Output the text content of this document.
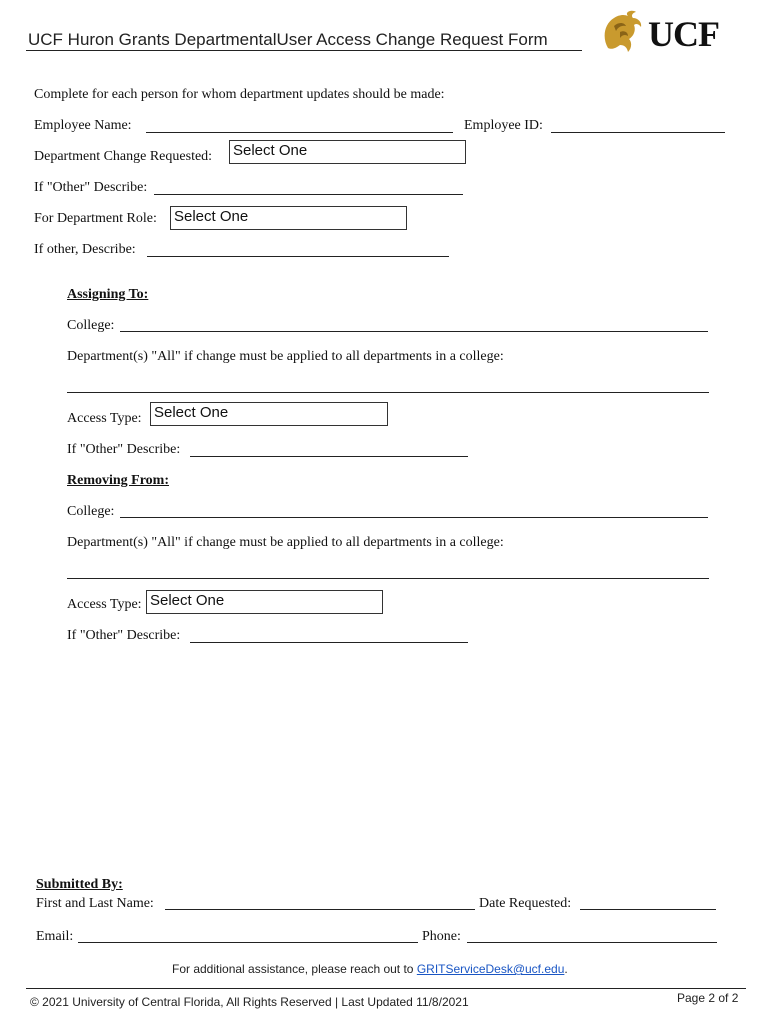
UCF Huron Grants DepartmentalUser Access Change Request Form	UCF
Complete for each person for whom department updates should be made:
Employee Name:	Employee ID:
Department Change Requested: Select One
If "Other" Describe:
For Department Role: Select One
If other, Describe:
Assigning To:
College:
Department(s) "All" if change must be applied to all departments in a college:
Access Type: Select One
If "Other" Describe:
Removing From:
College:
Department(s) "All" if change must be applied to all departments in a college:
Access Type: Select One
If "Other" Describe:
Submitted By:
First and Last Name:	Date Requested:
Email:	Phone:
For additional assistance, please reach out to GRITServiceDesk@ucf.edu.
© 2021 University of Central Florida, All Rights Reserved | Last Updated 11/8/2021	Page 2 of 2
